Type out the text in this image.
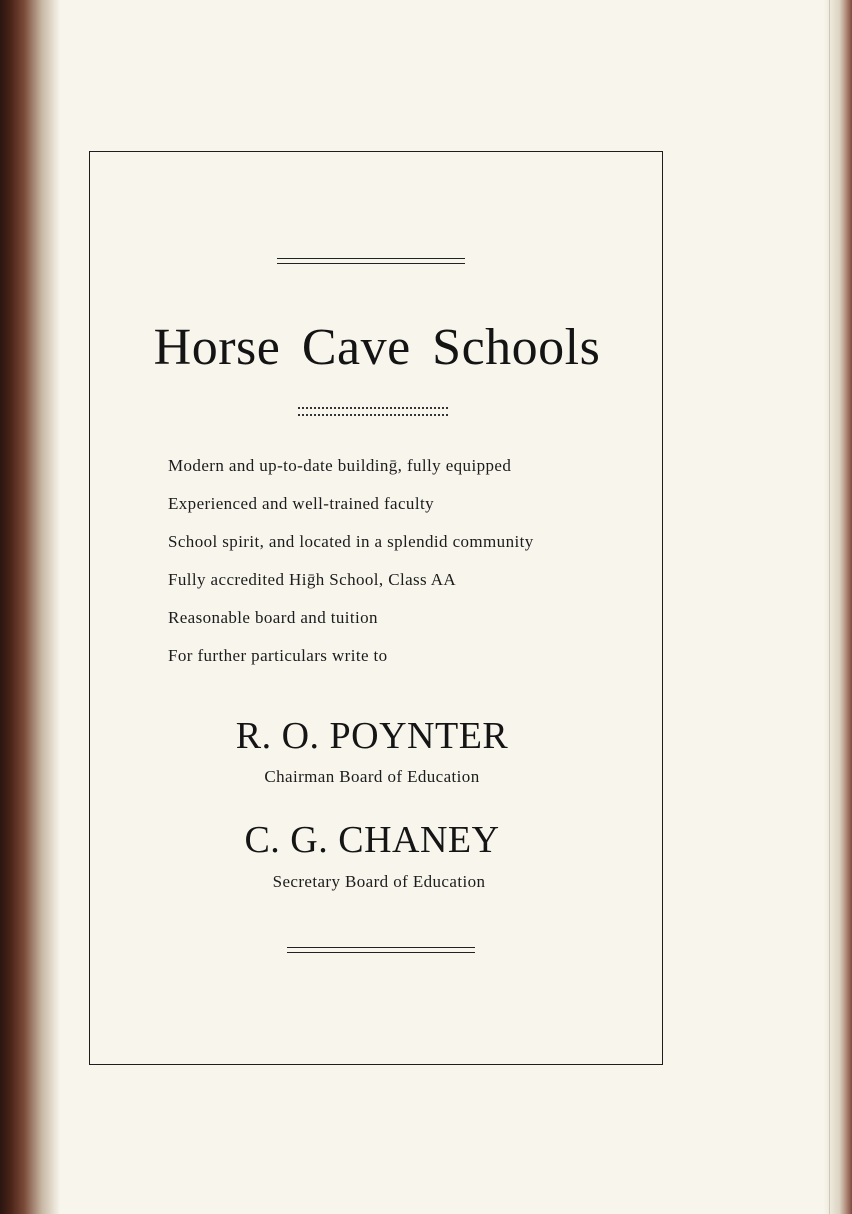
Horse Cave Schools
Modern and up-to-date buildinḡ, fully equipped
Experienced and well-trained faculty
School spirit, and located in a splendid community
Fully accredited Hiḡh School, Class AA
Reasonable board and tuition
For further particulars write to
R. O. POYNTER
Chairman Board of Education
C. G. CHANEY
Secretary Board of Education
